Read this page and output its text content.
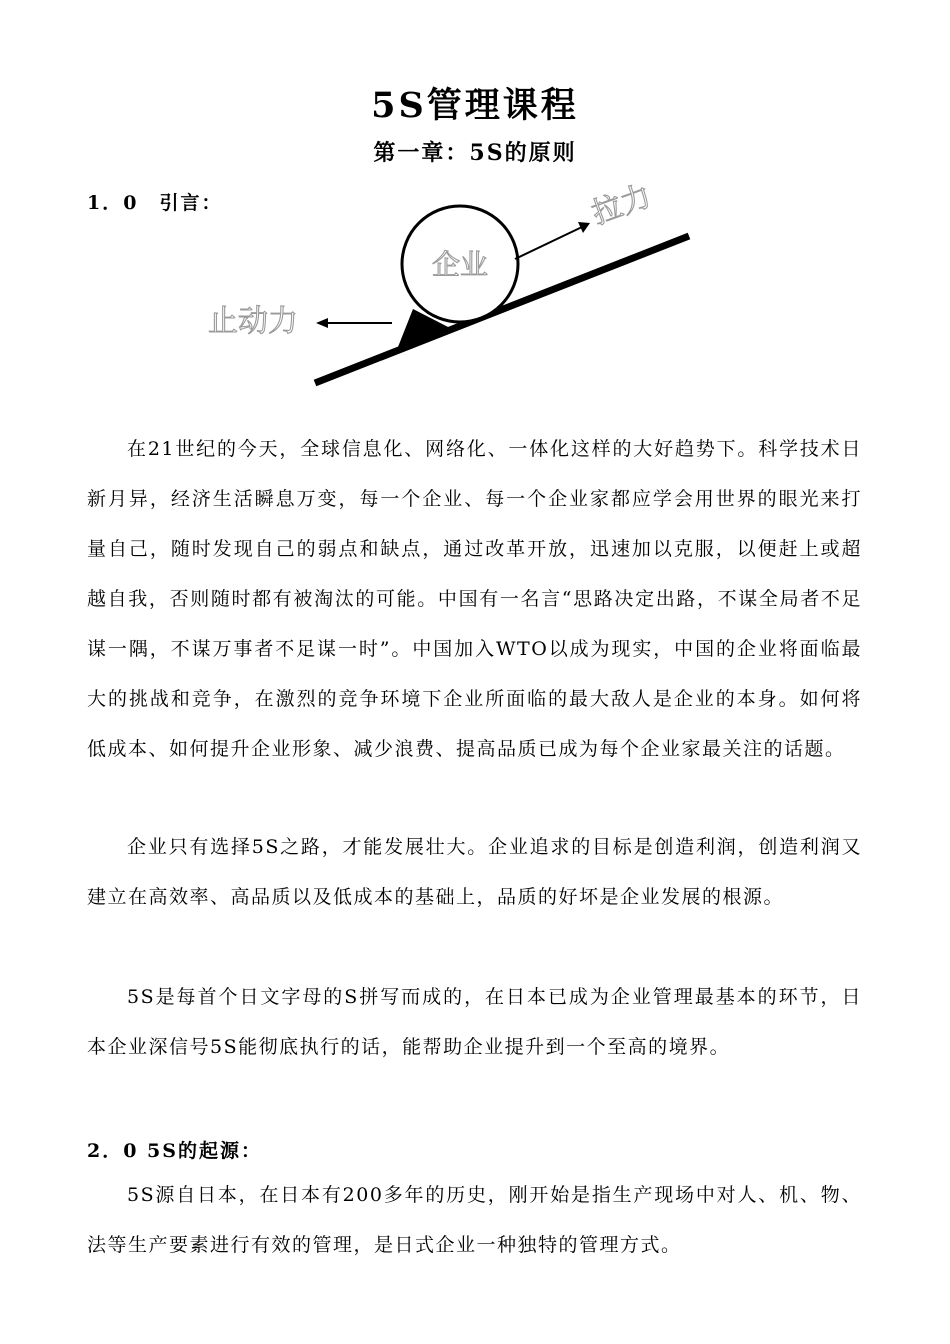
5S管理课程
第一章：5S的原则
1．0　引言：
企业
拉力
止动力

在21世纪的今天，全球信息化、网络化、一体化这样的大好趋势下。科学技术日新月异，经济生活瞬息万变，每一个企业、每一个企业家都应学会用世界的眼光来打量自己，随时发现自己的弱点和缺点，通过改革开放，迅速加以克服，以便赶上或超越自我，否则随时都有被淘汰的可能。中国有一名言“思路决定出路，不谋全局者不足谋一隅，不谋万事者不足谋一时”。中国加入WTO以成为现实，中国的企业将面临最大的挑战和竞争，在激烈的竞争环境下企业所面临的最大敌人是企业的本身。如何将低成本、如何提升企业形象、减少浪费、提高品质已成为每个企业家最关注的话题。

企业只有选择5S之路，才能发展壮大。企业追求的目标是创造利润，创造利润又建立在高效率、高品质以及低成本的基础上，品质的好坏是企业发展的根源。

5S是每首个日文字母的S拼写而成的，在日本已成为企业管理最基本的环节，日本企业深信号5S能彻底执行的话，能帮助企业提升到一个至高的境界。

2．0 5S的起源：

5S源自日本，在日本有200多年的历史，刚开始是指生产现场中对人、机、物、法等生产要素进行有效的管理，是日式企业一种独特的管理方式。
